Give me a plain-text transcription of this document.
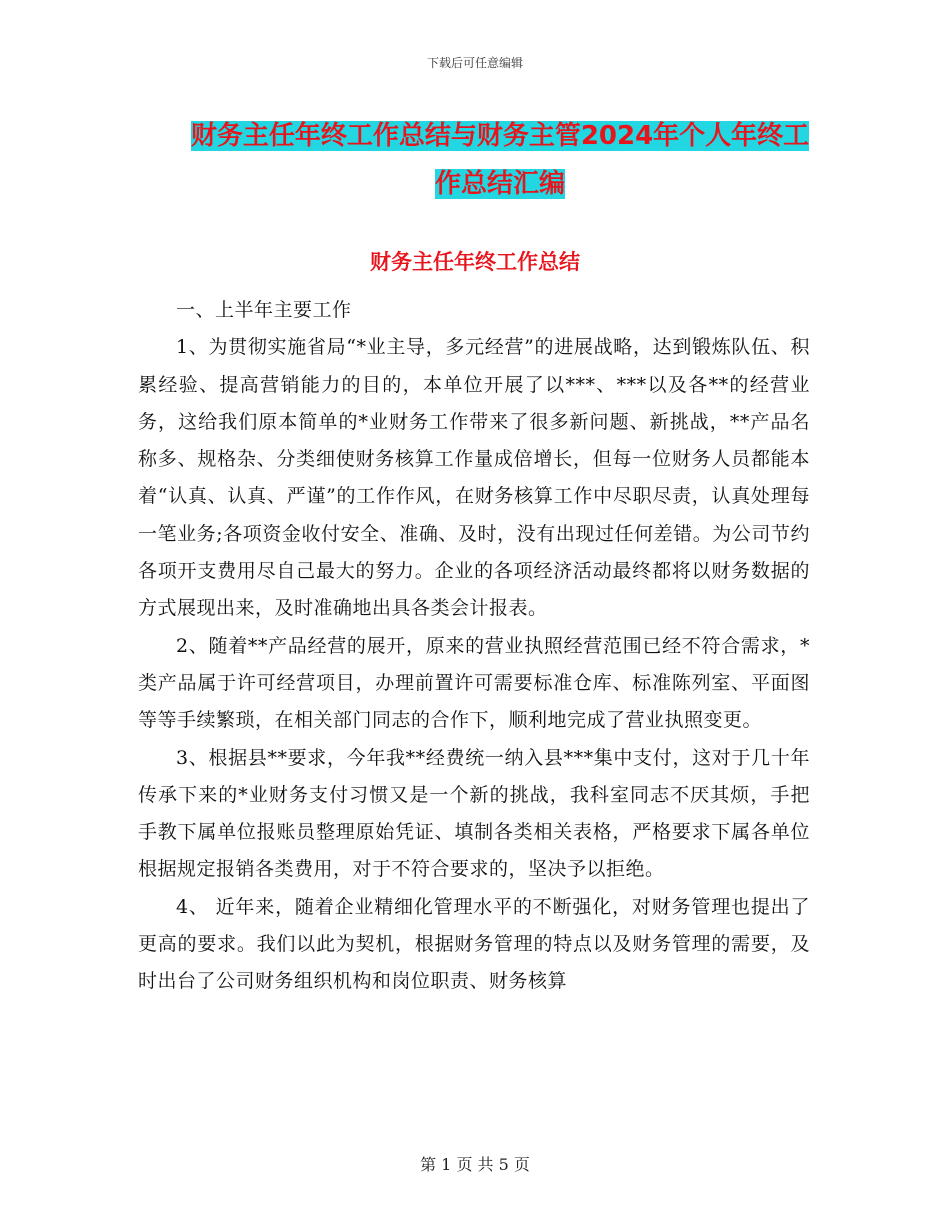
下载后可任意编辑
财务主任年终工作总结与财务主管2024年个人年终工
作总结汇编
财务主任年终工作总结

一、上半年主要工作

1、为贯彻实施省局“*业主导，多元经营”的进展战略，达到锻炼队伍、积累经验、提高营销能力的目的，本单位开展了以***、***以及各**的经营业务，这给我们原本简单的*业财务工作带来了很多新问题、新挑战，**产品名称多、规格杂、分类细使财务核算工作量成倍增长，但每一位财务人员都能本着“认真、认真、严谨”的工作作风，在财务核算工作中尽职尽责，认真处理每一笔业务;各项资金收付安全、准确、及时，没有出现过任何差错。为公司节约各项开支费用尽自己最大的努力。企业的各项经济活动最终都将以财务数据的方式展现出来，及时准确地出具各类会计报表。

2、随着**产品经营的展开，原来的营业执照经营范围已经不符合需求，*类产品属于许可经营项目，办理前置许可需要标准仓库、标准陈列室、平面图等等手续繁琐，在相关部门同志的合作下，顺利地完成了营业执照变更。

3、根据县**要求，今年我**经费统一纳入县***集中支付，这对于几十年传承下来的*业财务支付习惯又是一个新的挑战，我科室同志不厌其烦，手把手教下属单位报账员整理原始凭证、填制各类相关表格，严格要求下属各单位根据规定报销各类费用，对于不符合要求的，坚决予以拒绝。

4、 近年来，随着企业精细化管理水平的不断强化，对财务管理也提出了更高的要求。我们以此为契机，根据财务管理的特点以及财务管理的需要，及时出台了公司财务组织机构和岗位职责、财务核算

第 1 页 共 5 页
